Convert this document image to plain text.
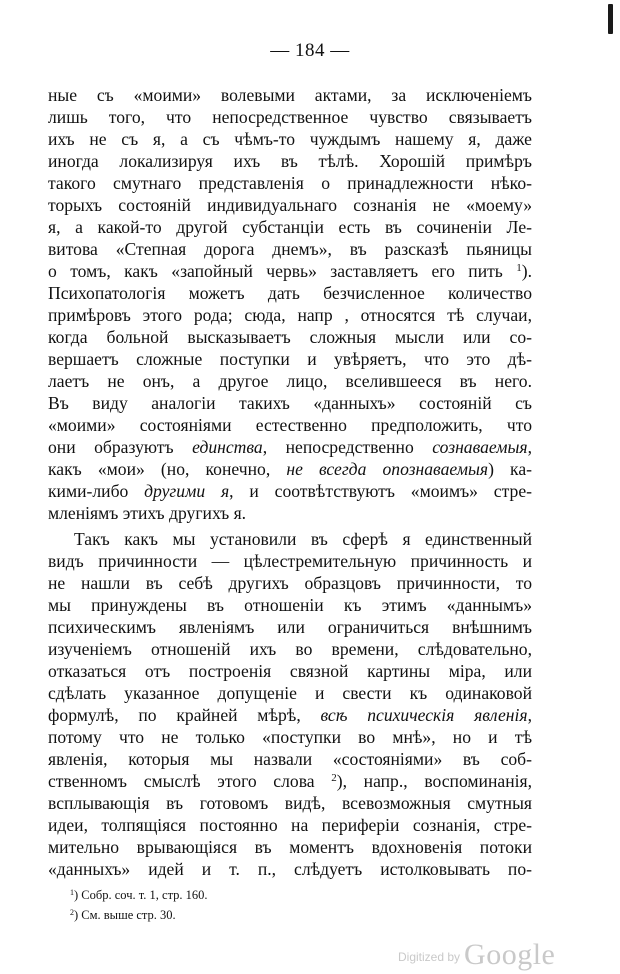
— 184 —
ные съ «моими» волевыми актами, за исключеніемъ
лишь того, что непосредственное чувство связываетъ
ихъ не съ я, а съ чѣмъ-то чуждымъ нашему я, даже
иногда локализируя ихъ въ тѣлѣ. Хорошій примѣръ
такого смутнаго представленія о принадлежности нѣко-
торыхъ состояній индивидуальнаго сознанія не «моему»
я, а какой-то другой субстанціи есть въ сочиненіи Ле-
витова «Степная дорога днемъ», въ разсказѣ пьяницы
о томъ, какъ «запойный червь» заставляетъ его пить $^1$).
Психопатологія можетъ дать безчисленное количество
примѣровъ этого рода; сюда, напр , относятся тѣ случаи,
когда больной высказываетъ сложныя мысли или со-
вершаетъ сложные поступки и увѣряетъ, что это дѣ-
лаетъ не онъ, а другое лицо, вселившееся въ него.
Въ виду аналогіи такихъ «данныхъ» состояній съ
«моими» состояніями естественно предположить, что
они образуютъ единства, непосредственно сознаваемыя,
какъ «мои» (но, конечно, не всегда опознаваемыя) ка-
кими-либо другими я, и соотвѣтствуютъ «моимъ» стре-
мленіямъ этихъ другихъ я.
Такъ какъ мы установили въ сферѣ я единственный
видъ причинности — цѣлестремительную причинность и
не нашли въ себѣ другихъ образцовъ причинности, то
мы принуждены въ отношеніи къ этимъ «даннымъ»
психическимъ явленіямъ или ограничиться внѣшнимъ
изученіемъ отношеній ихъ во времени, слѣдовательно,
отказаться отъ построенія связной картины міра, или
сдѣлать указанное допущеніе и свести къ одинаковой
формулѣ, по крайней мѣрѣ, всѣ психическія явленія,
потому что не только «поступки во мнѣ», но и тѣ
явленія, которыя мы назвали «состояніями» въ соб-
ственномъ смыслѣ этого слова $^2$), напр., воспоминанія,
всплывающія въ готовомъ видѣ, всевозможныя смутныя
идеи, толпящіяся постоянно на периферіи сознанія, стре-
мительно врывающіяся въ моментъ вдохновенія потоки
«данныхъ» идей и т. п., слѣдуетъ истолковывать по-
$^1$) Собр. соч. т. 1, стр. 160.
$^2$) См. выше стр. 30.
Digitized by Google
